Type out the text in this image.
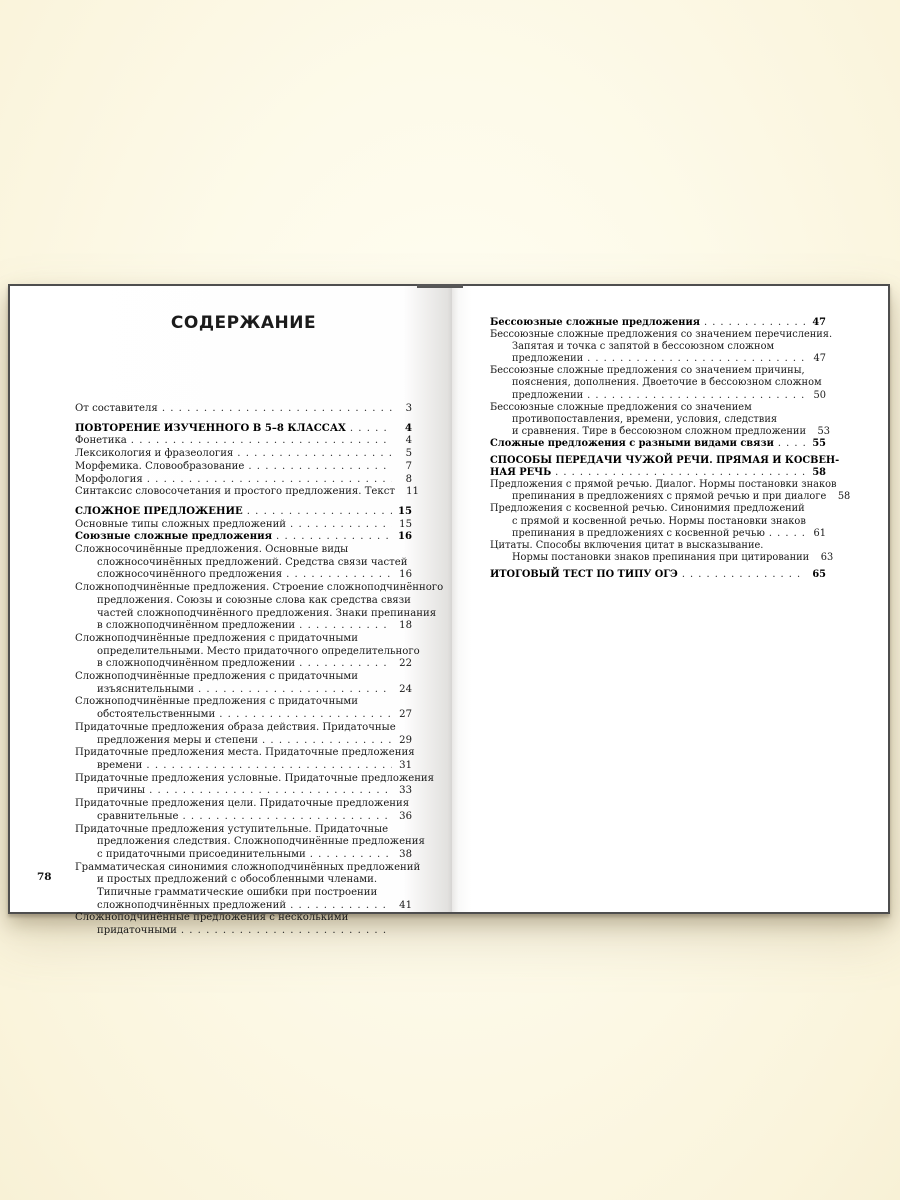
СОДЕРЖАНИЕ
От составителя . . .	3
ПОВТОРЕНИЕ ИЗУЧЕННОГО В 5–8 КЛАССАХ . . .	4
Фонетика . . .	4
Лексикология и фразеология . . .	5
Морфемика. Словообразование . . .	7
Морфология . . .	8
Синтаксис словосочетания и простого предложения. Текст	11
СЛОЖНОЕ ПРЕДЛОЖЕНИЕ . . .	15
Основные типы сложных предложений . . .	15
Союзные сложные предложения . . .	16
Сложносочинённые предложения. Основные виды
сложносочинённых предложений. Средства связи частей
сложносочинённого предложения . . .	16
Сложноподчинённые предложения. Строение сложноподчинённого
предложения. Союзы и союзные слова как средства связи
частей сложноподчинённого предложения. Знаки препинания
в сложноподчинённом предложении . . .	18
Сложноподчинённые предложения с придаточными
определительными. Место придаточного определительного
в сложноподчинённом предложении . . .	22
Сложноподчинённые предложения с придаточными
изъяснительными . . .	24
Сложноподчинённые предложения с придаточными
обстоятельственными . . .	27
Придаточные предложения образа действия. Придаточные
предложения меры и степени . . .	29
Придаточные предложения места. Придаточные предложения
времени . . .	31
Придаточные предложения условные. Придаточные предложения
причины . . .	33
Придаточные предложения цели. Придаточные предложения
сравнительные . . .	36
Придаточные предложения уступительные. Придаточные
предложения следствия. Сложноподчинённые предложения
с придаточными присоединительными . . .	38
Грамматическая синонимия сложноподчинённых предложений
и простых предложений с обособленными членами.
Типичные грамматические ошибки при построении
сложноподчинённых предложений . . .	41
Сложноподчинённые предложения с несколькими
придаточными
. . .
78
Бессоюзные сложные предложения . . .	47
Бессоюзные сложные предложения со значением перечисления.
Запятая и точка с запятой в бессоюзном сложном
предложении . . .	47
Бессоюзные сложные предложения со значением причины,
пояснения, дополнения. Двоеточие в бессоюзном сложном
предложении . . .	50
Бессоюзные сложные предложения со значением
противопоставления, времени, условия, следствия
и сравнения. Тире в бессоюзном сложном предложении	53
Сложные предложения с разными видами связи . . .	55
СПОСОБЫ ПЕРЕДАЧИ ЧУЖОЙ РЕЧИ. ПРЯМАЯ И КОСВЕН-
НАЯ РЕЧЬ . . .	58
Предложения с прямой речью. Диалог. Нормы постановки знаков
препинания в предложениях с прямой речью и при диалоге	58
Предложения с косвенной речью. Синонимия предложений
с прямой и косвенной речью. Нормы постановки знаков
препинания в предложениях с косвенной речью . . .	61
Цитаты. Способы включения цитат в высказывание.
Нормы постановки знаков препинания при цитировании	63
ИТОГОВЫЙ ТЕСТ ПО ТИПУ ОГЭ . . .	65
